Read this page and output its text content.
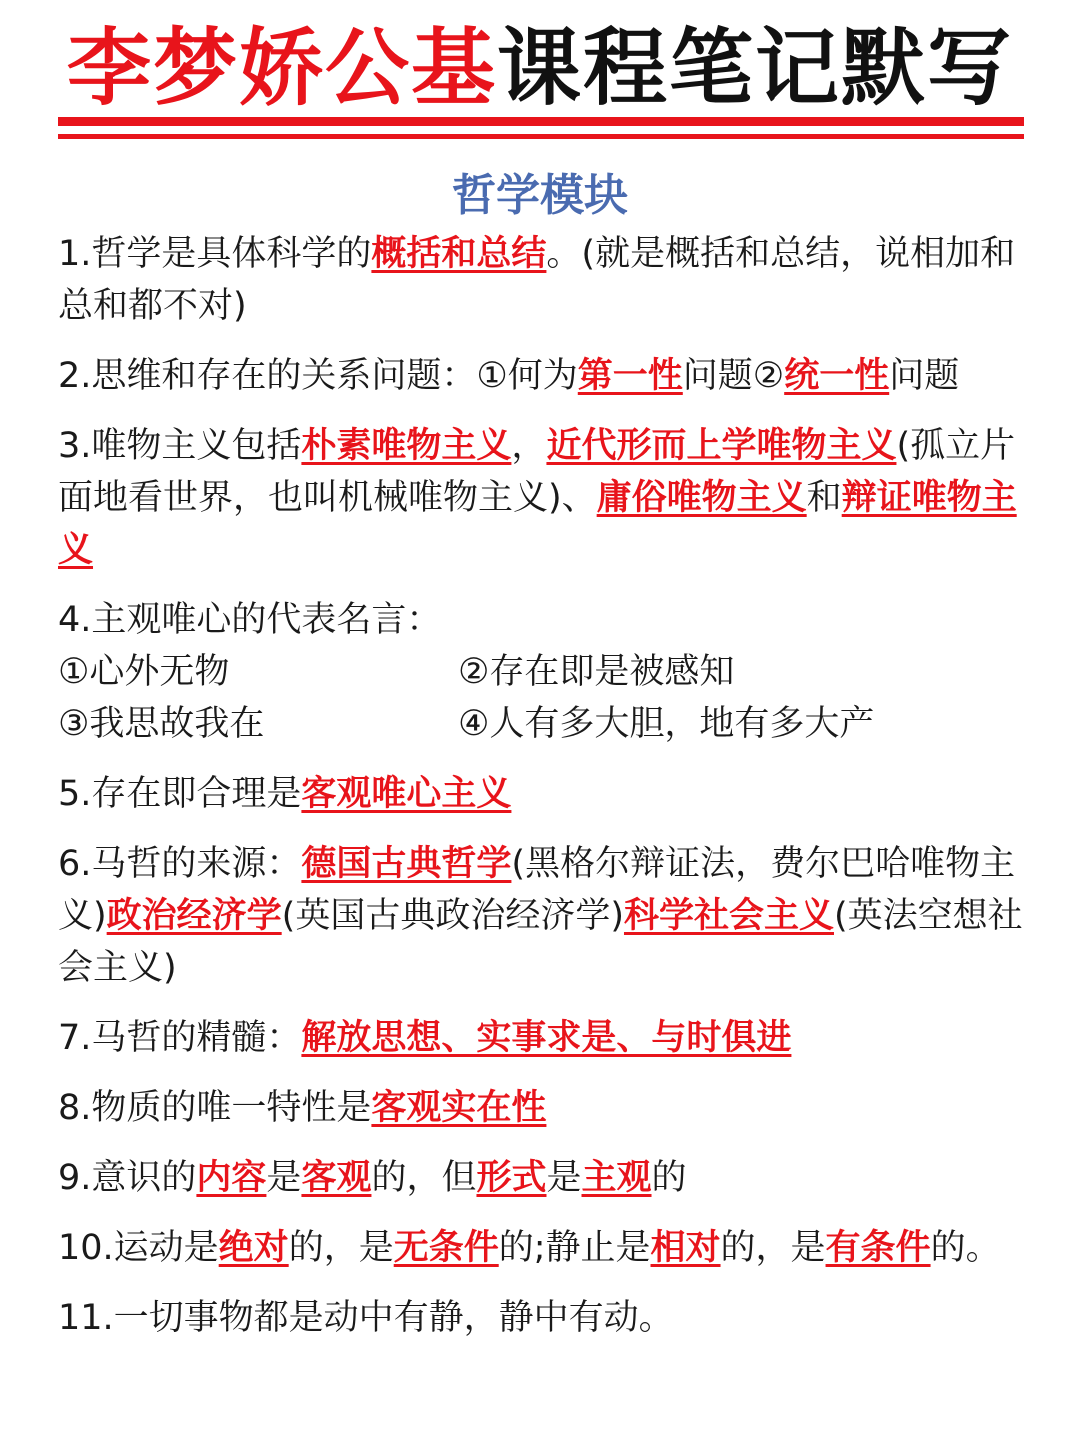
李梦娇公基课程笔记默写
哲学模块
1.哲学是具体科学的概括和总结。(就是概括和总结，说相加和总和都不对)
2.思维和存在的关系问题：①何为第一性问题②统一性问题
3.唯物主义包括朴素唯物主义，近代形而上学唯物主义(孤立片面地看世界，也叫机械唯物主义)、庸俗唯物主义和辩证唯物主义
4.主观唯心的代表名言：
①心外无物	②存在即是被感知
③我思故我在	④人有多大胆，地有多大产
5.存在即合理是客观唯心主义
6.马哲的来源：德国古典哲学(黑格尔辩证法，费尔巴哈唯物主义)政治经济学(英国古典政治经济学)科学社会主义(英法空想社会主义)
7.马哲的精髓：解放思想、实事求是、与时俱进
8.物质的唯一特性是客观实在性
9.意识的内容是客观的，但形式是主观的
10.运动是绝对的，是无条件的;静止是相对的，是有条件的。
11.一切事物都是动中有静，静中有动。
